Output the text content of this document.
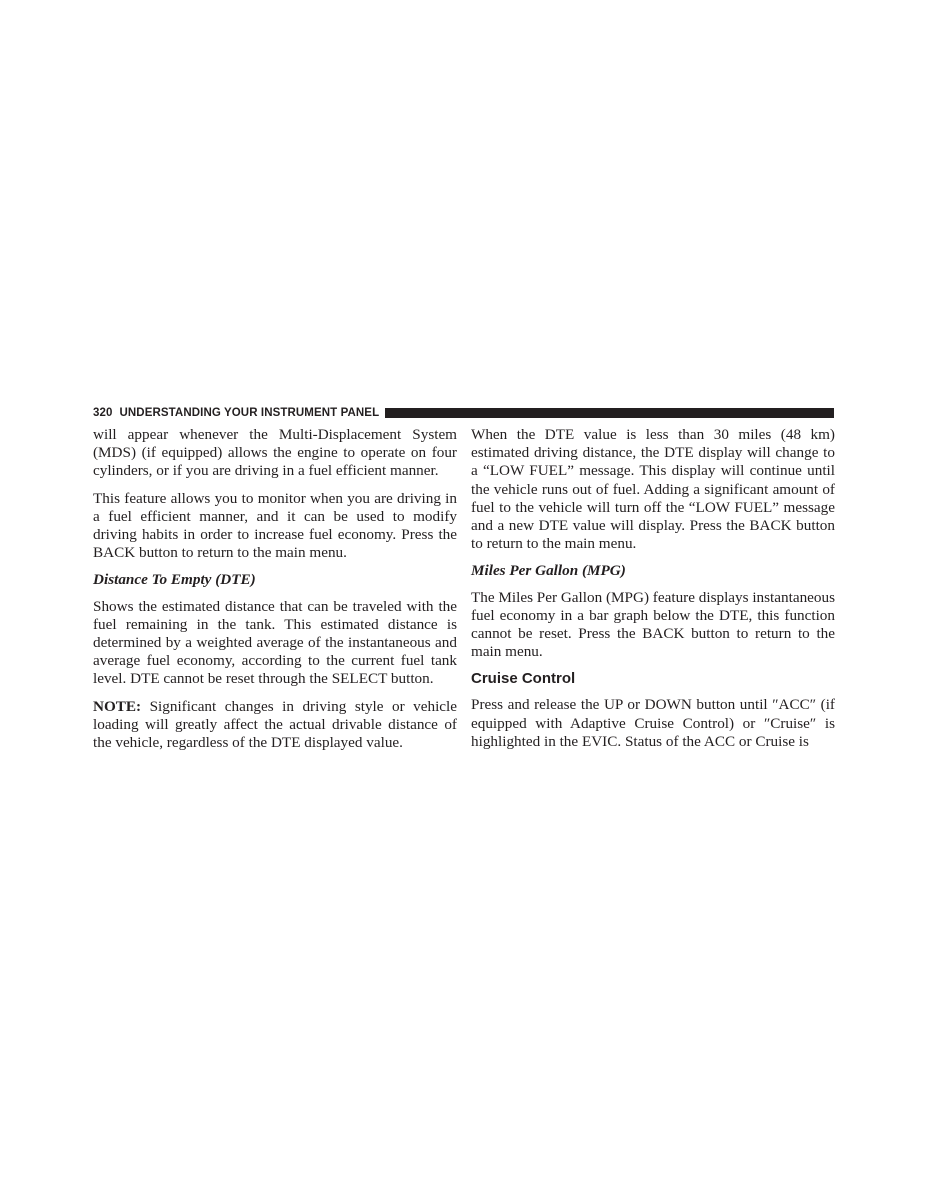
320 UNDERSTANDING YOUR INSTRUMENT PANEL

will appear whenever the Multi-Displacement System (MDS) (if equipped) allows the engine to operate on four cylinders, or if you are driving in a fuel efficient manner.

This feature allows you to monitor when you are driving in a fuel efficient manner, and it can be used to modify driving habits in order to increase fuel economy. Press the BACK button to return to the main menu.

Distance To Empty (DTE)

Shows the estimated distance that can be traveled with the fuel remaining in the tank. This estimated distance is determined by a weighted average of the instantaneous and average fuel economy, according to the current fuel tank level. DTE cannot be reset through the SELECT button.

NOTE: Significant changes in driving style or vehicle loading will greatly affect the actual drivable distance of the vehicle, regardless of the DTE displayed value.

When the DTE value is less than 30 miles (48 km) estimated driving distance, the DTE display will change to a “LOW FUEL” message. This display will continue until the vehicle runs out of fuel. Adding a significant amount of fuel to the vehicle will turn off the “LOW FUEL” message and a new DTE value will display. Press the BACK button to return to the main menu.

Miles Per Gallon (MPG)

The Miles Per Gallon (MPG) feature displays instantaneous fuel economy in a bar graph below the DTE, this function cannot be reset. Press the BACK button to return to the main menu.

Cruise Control

Press and release the UP or DOWN button until ″ACC″ (if equipped with Adaptive Cruise Control) or ″Cruise″ is highlighted in the EVIC. Status of the ACC or Cruise is
